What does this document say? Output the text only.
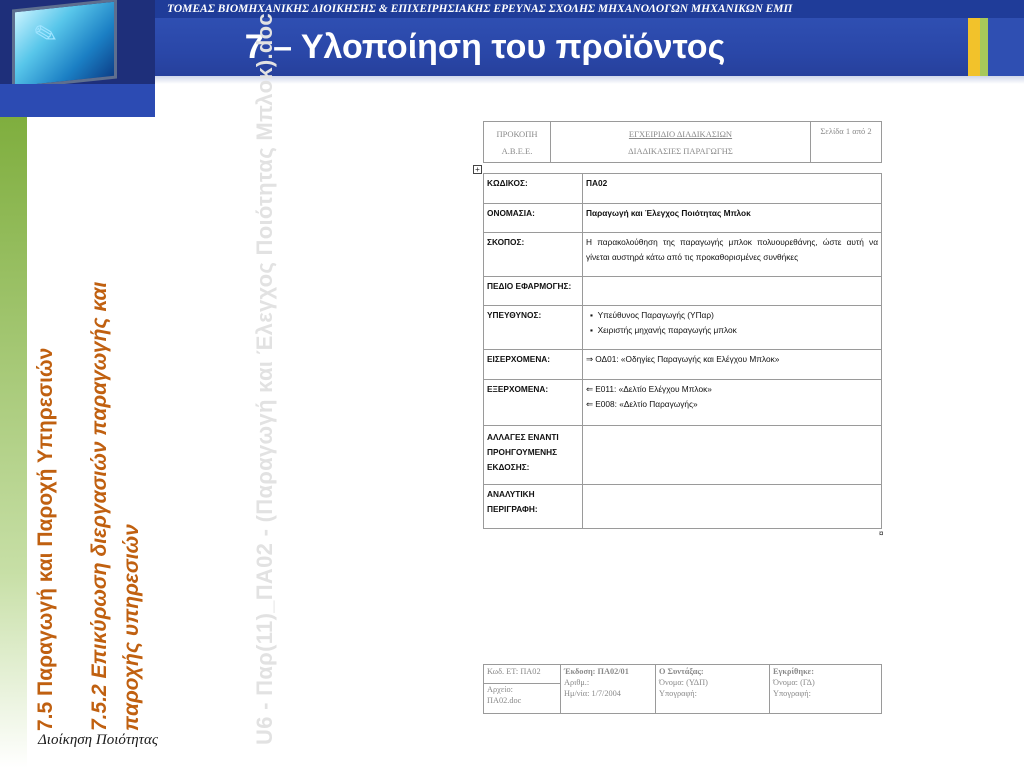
✎
ΤΟΜΕΑΣ ΒΙΟΜΗΧΑΝΙΚΗΣ ΔΙΟΙΚΗΣΗΣ & ΕΠΙΧΕΙΡΗΣΙΑΚΗΣ ΕΡΕΥΝΑΣ ΣΧΟΛΗΣ ΜΗΧΑΝΟΛΟΓΩΝ ΜΗΧΑΝΙΚΩΝ ΕΜΠ
7 – Υλοποίηση του προϊόντος
7.5 Παραγωγή και Παροχή Υπηρεσιών 7.5.2 Επικύρωση διεργασιών παραγωγής και παροχής υπηρεσιών	U6 - Παρ(11)_ΠΑ02 - (Παραγωγή και Έλεγχος Ποιότητας Μπλοκ).doc
Διοίκηση Ποιότητας
ΠΡΟΚΟΠΗ
Α.Β.Ε.Ε.

ΕΓΧΕΙΡΙΔΙΟ ΔΙΑΔΙΚΑΣΙΩΝ
ΔΙΑΔΙΚΑΣΙΕΣ ΠΑΡΑΓΩΓΗΣ
	Σελίδα 1 από 2
+
ΚΩΔΙΚΟΣ:	ΠΑ02
ΟΝΟΜΑΣΙΑ:	Παραγωγή και Έλεγχος Ποιότητας Μπλοκ
ΣΚΟΠΟΣ:	Η παρακολούθηση της παραγωγής μπλοκ πολυουρεθάνης, ώστε αυτή να γίνεται αυστηρά κάτω από τις προκαθορισμένες συνθήκες
ΠΕΔΙΟ ΕΦΑΡΜΟΓΗΣ:	
ΥΠΕΥΘΥΝΟΣ:	▪  Υπεύθυνος Παραγωγής (ΥΠαρ)
▪  Χειριστής μηχανής παραγωγής μπλοκ

ΕΙΣΕΡΧΟΜΕΝΑ:	⇒ ΟΔ01: «Οδηγίες Παραγωγής και Ελέγχου Μπλοκ»

ΕΞΕΡΧΟΜΕΝΑ:	⇐ Ε011: «Δελτίο Ελέγχου Μπλοκ»
⇐ Ε008: «Δελτίο Παραγωγής»

ΑΛΛΑΓΕΣ ΕΝΑΝΤΙ ΠΡΟΗΓΟΥΜΕΝΗΣ ΕΚΔΟΣΗΣ:	
ΑΝΑΛΥΤΙΚΗ ΠΕΡΙΓΡΑΦΗ:	
¤
Κωδ. ΕΤ: ΠΑ02
Αρχείο:
ΠΑ02.doc

Έκδοση: ΠΑ02/01
Αριθμ.:
Ημ/νία: 1/7/2004

Ο Συντάξας:
Όνομα: (ΥΔΠ)
Υπογραφή:

Εγκρίθηκε:
Όνομα: (ΓΔ)
Υπογραφή:
